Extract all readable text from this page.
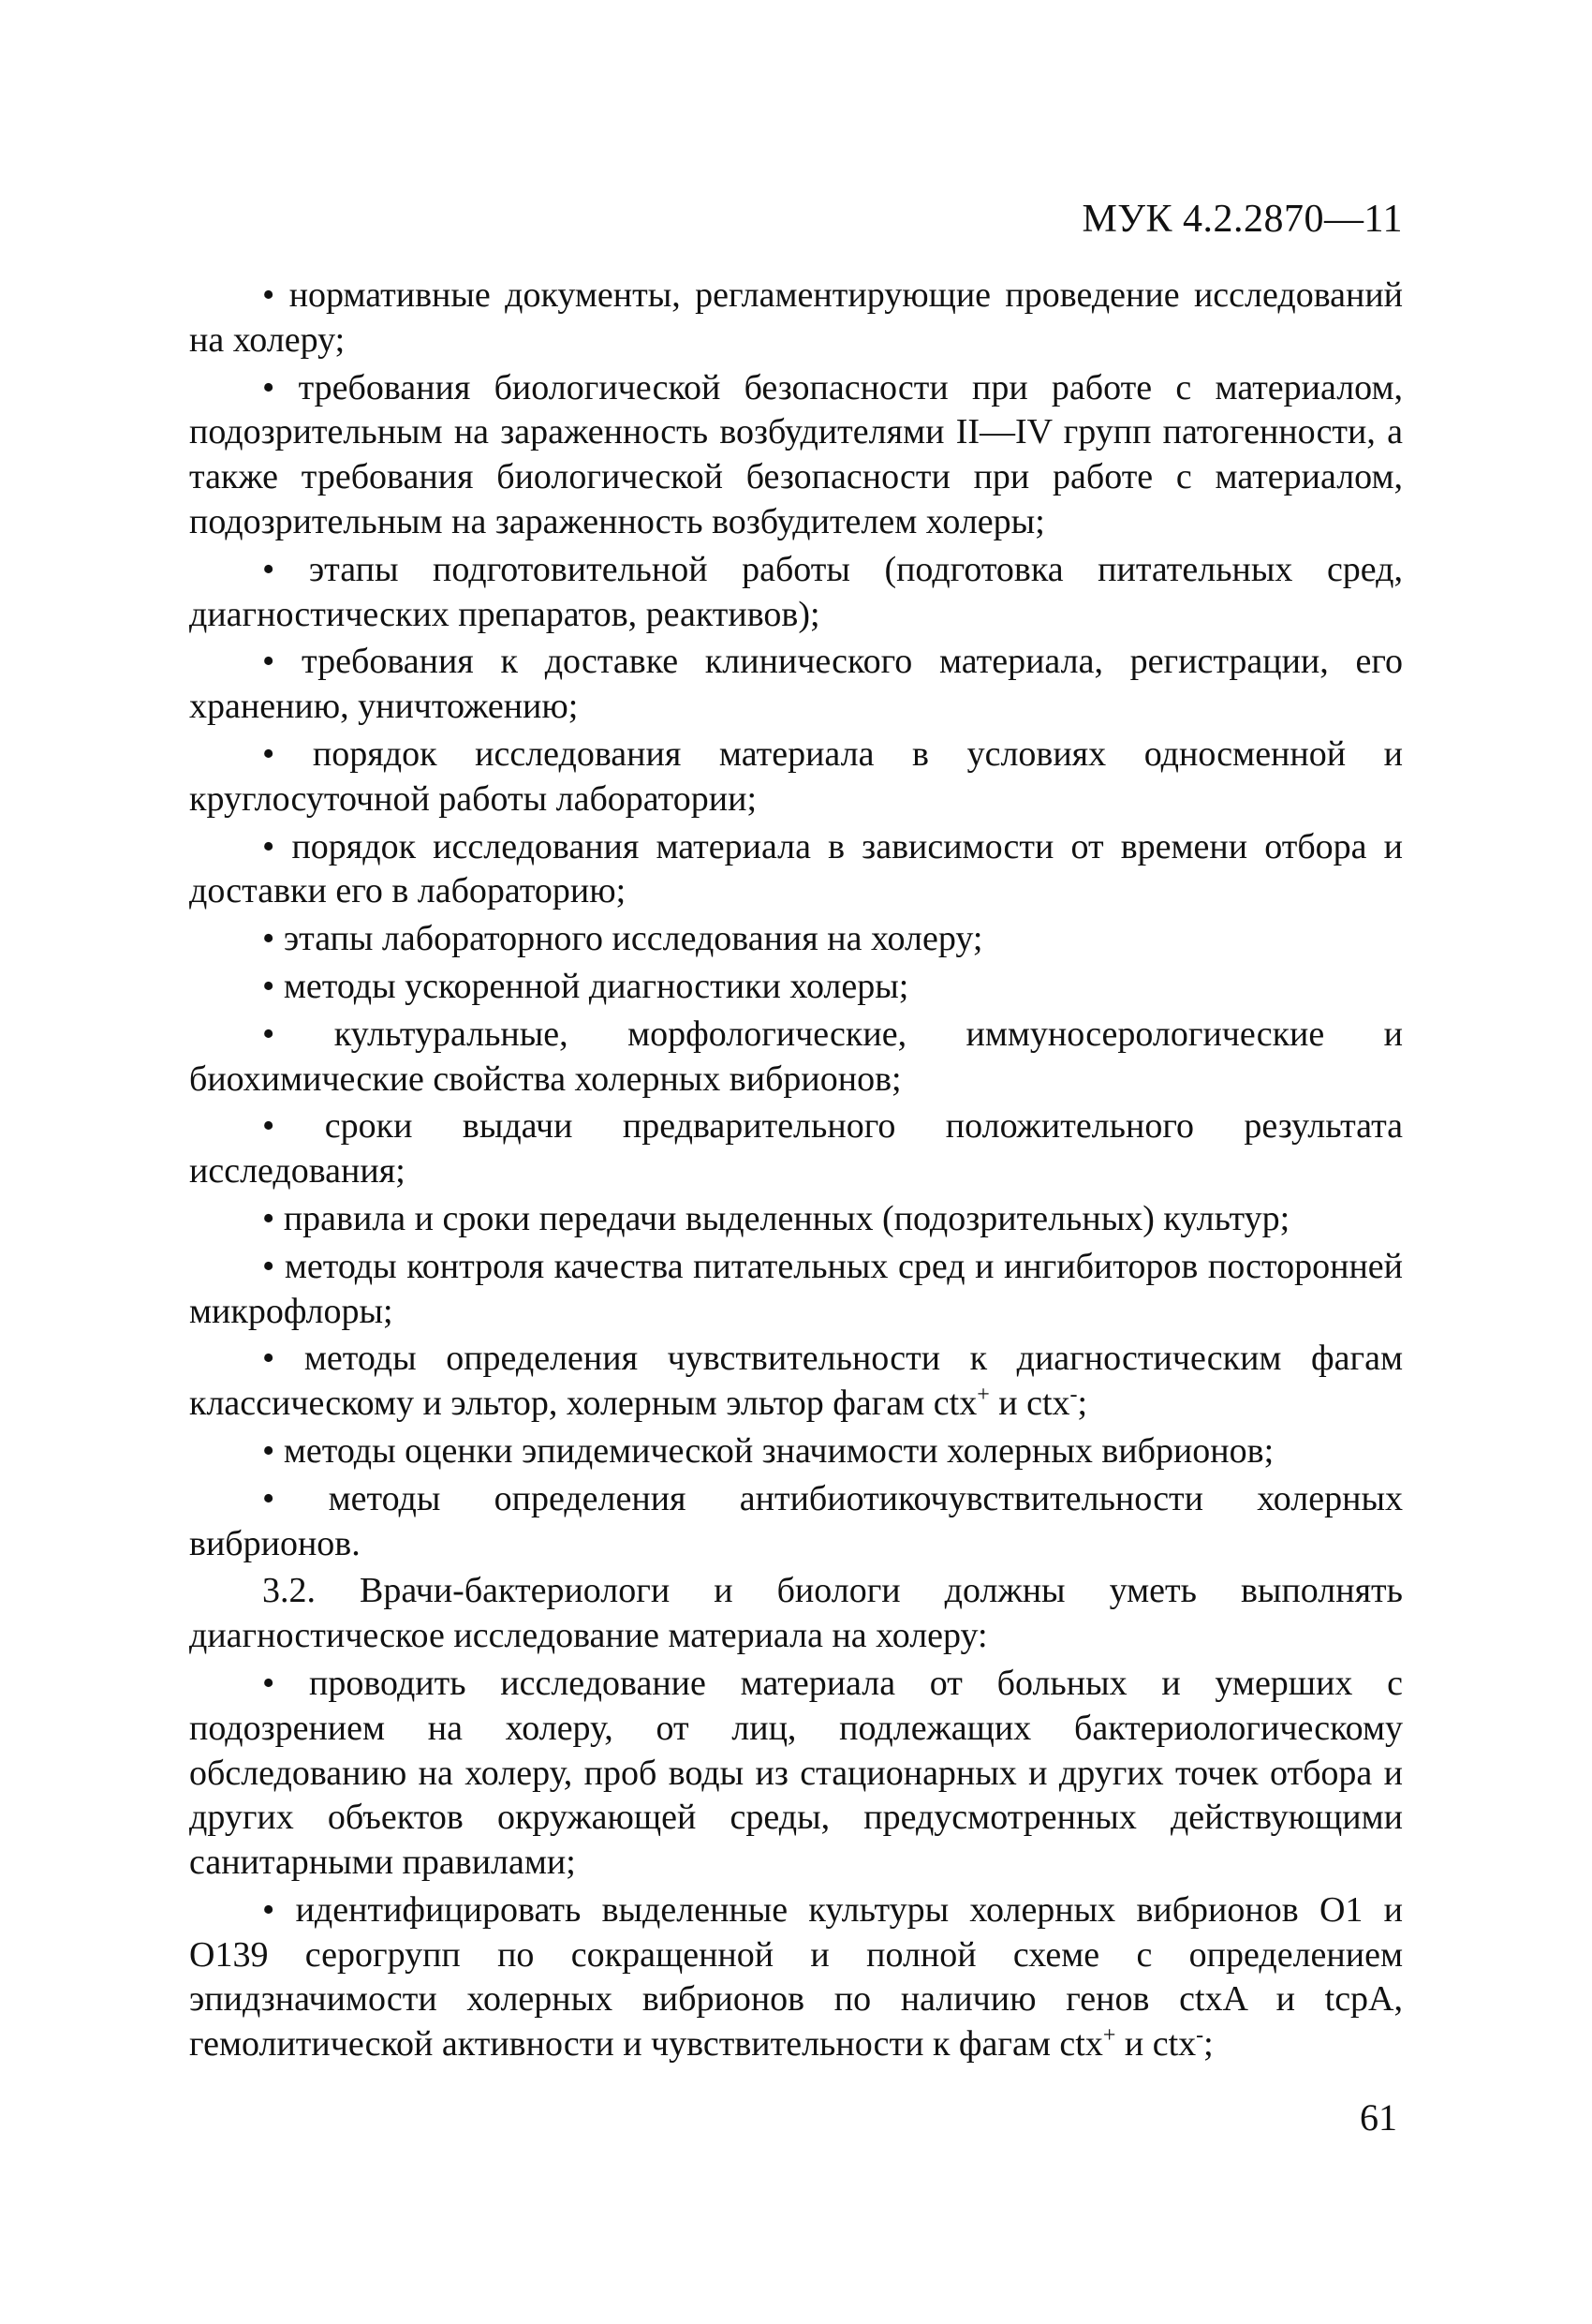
МУК 4.2.2870—11
• нормативные документы, регламентирующие проведение исследований на холеру;
• требования биологической безопасности при работе с материалом, подозрительным на зараженность возбудителями II—IV групп патогенности, а также требования биологической безопасности при работе с материалом, подозрительным на зараженность возбудителем холеры;
• этапы подготовительной работы (подготовка питательных сред, диагностических препаратов, реактивов);
• требования к доставке клинического материала, регистрации, его хранению, уничтожению;
• порядок исследования материала в условиях односменной и круглосуточной работы лаборатории;
• порядок исследования материала в зависимости от времени отбора и доставки его в лабораторию;
• этапы лабораторного исследования на холеру;
• методы ускоренной диагностики холеры;
• культуральные, морфологические, иммуносерологические и биохимические свойства холерных вибрионов;
• сроки выдачи предварительного положительного результата исследования;
• правила и сроки передачи выделенных (подозрительных) культур;
• методы контроля качества питательных сред и ингибиторов посторонней микрофлоры;
• методы определения чувствительности к диагностическим фагам классическому и эльтор, холерным эльтор фагам ctx+ и ctx-;
• методы оценки эпидемической значимости холерных вибрионов;
• методы определения антибиотикочувствительности холерных вибрионов.
3.2. Врачи-бактериологи и биологи должны уметь выполнять диагностическое исследование материала на холеру:
• проводить исследование материала от больных и умерших с подозрением на холеру, от лиц, подлежащих бактериологическому обследованию на холеру, проб воды из стационарных и других точек отбора и других объектов окружающей среды, предусмотренных действующими санитарными правилами;
• идентифицировать выделенные культуры холерных вибрионов O1 и O139 серогрупп по сокращенной и полной схеме с определением эпидзначимости холерных вибрионов по наличию генов ctxA и tcpA, гемолитической активности и чувствительности к фагам ctx+ и ctx-;
61
